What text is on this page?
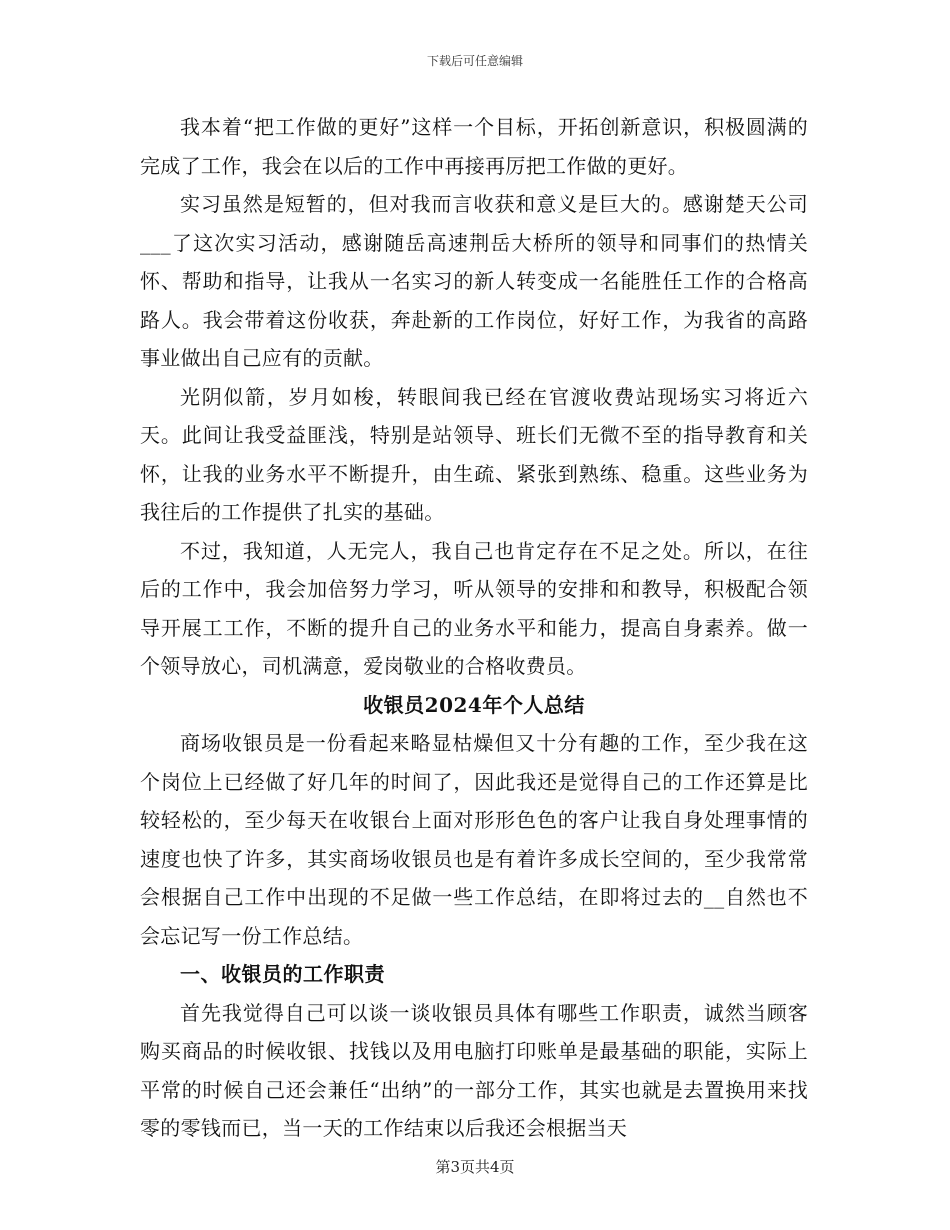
下载后可任意编辑

我本着“把工作做的更好”这样一个目标，开拓创新意识，积极圆满的完成了工作，我会在以后的工作中再接再厉把工作做的更好。

实习虽然是短暂的，但对我而言收获和意义是巨大的。感谢楚天公司___了这次实习活动，感谢随岳高速荆岳大桥所的领导和同事们的热情关怀、帮助和指导，让我从一名实习的新人转变成一名能胜任工作的合格高路人。我会带着这份收获，奔赴新的工作岗位，好好工作，为我省的高路事业做出自己应有的贡献。

光阴似箭，岁月如梭，转眼间我已经在官渡收费站现场实习将近六天。此间让我受益匪浅，特别是站领导、班长们无微不至的指导教育和关怀，让我的业务水平不断提升，由生疏、紧张到熟练、稳重。这些业务为我往后的工作提供了扎实的基础。

不过，我知道，人无完人，我自己也肯定存在不足之处。所以，在往后的工作中，我会加倍努力学习，听从领导的安排和和教导，积极配合领导开展工工作，不断的提升自己的业务水平和能力，提高自身素养。做一个领导放心，司机满意，爱岗敬业的合格收费员。

收银员2024年个人总结

商场收银员是一份看起来略显枯燥但又十分有趣的工作，至少我在这个岗位上已经做了好几年的时间了，因此我还是觉得自己的工作还算是比较轻松的，至少每天在收银台上面对形形色色的客户让我自身处理事情的速度也快了许多，其实商场收银员也是有着许多成长空间的，至少我常常会根据自己工作中出现的不足做一些工作总结，在即将过去的__自然也不会忘记写一份工作总结。

一、收银员的工作职责

首先我觉得自己可以谈一谈收银员具体有哪些工作职责，诚然当顾客购买商品的时候收银、找钱以及用电脑打印账单是最基础的职能，实际上平常的时候自己还会兼任“出纳”的一部分工作，其实也就是去置换用来找零的零钱而已，当一天的工作结束以后我还会根据当天

第3页共4页
